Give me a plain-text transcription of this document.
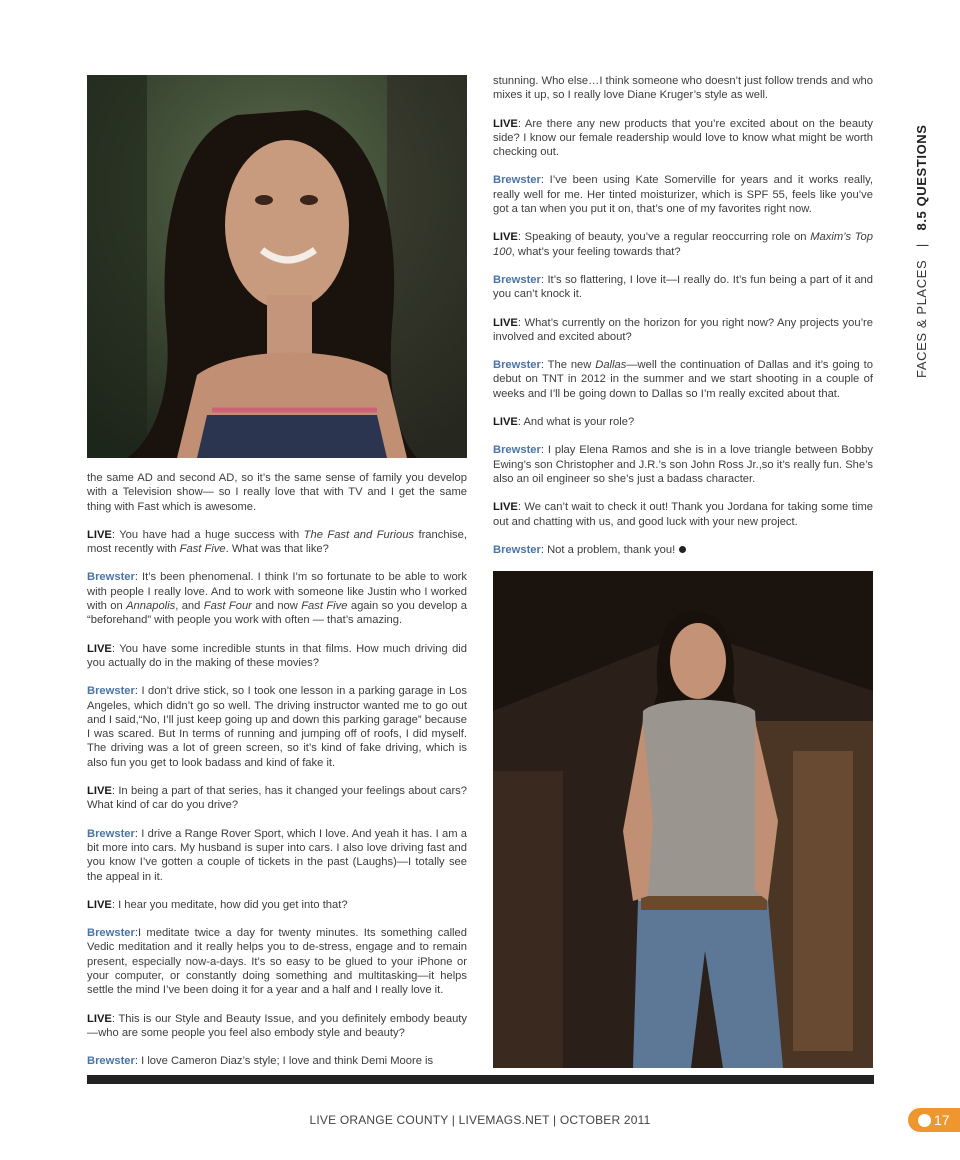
the same AD and second AD, so it’s the same sense of family you develop with a Television show— so I really love that with TV and I get the same thing with Fast which is awesome.

LIVE: You have had a huge success with The Fast and Furious franchise, most recently with Fast Five. What was that like?

Brewster: It’s been phenomenal. I think I’m so fortunate to be able to work with people I really love. And to work with someone like Justin who I worked with on Annapolis, and Fast Four and now Fast Five again so you develop a “beforehand” with people you work with often — that’s amazing.

LIVE: You have some incredible stunts in that films. How much driving did you actually do in the making of these movies?

Brewster: I don’t drive stick, so I took one lesson in a parking garage in Los Angeles, which didn’t go so well. The driving instructor wanted me to go out and I said,“No, I’ll just keep going up and down this parking garage” because I was scared. But In terms of running and jumping off of roofs, I did myself. The driving was a lot of green screen, so it’s kind of fake driving, which is also fun you get to look badass and kind of fake it.

LIVE: In being a part of that series, has it changed your feelings about cars? What kind of car do you drive?

Brewster: I drive a Range Rover Sport, which I love. And yeah it has. I am a bit more into cars. My husband is super into cars. I also love driving fast and you know I’ve gotten a couple of tickets in the past (Laughs)—I totally see the appeal in it.

LIVE: I hear you meditate, how did you get into that?

Brewster:I meditate twice a day for twenty minutes. Its something called Vedic meditation and it really helps you to de-stress, engage and to remain present, especially now-a-days. It’s so easy to be glued to your iPhone or your computer, or constantly doing something and multitasking—it helps settle the mind I’ve been doing it for a year and a half and I really love it.

LIVE: This is our Style and Beauty Issue, and you definitely embody beauty —who are some people you feel also embody style and beauty?

Brewster: I love Cameron Diaz’s style; I love and think Demi Moore is

stunning. Who else…I think someone who doesn’t just follow trends and who mixes it up, so I really love Diane Kruger’s style as well.

LIVE: Are there any new products that you’re excited about on the beauty side? I know our female readership would love to know what might be worth checking out.

Brewster: I’ve been using Kate Somerville for years and it works really, really well for me. Her tinted moisturizer, which is SPF 55, feels like you’ve got a tan when you put it on, that’s one of my favorites right now.

LIVE: Speaking of beauty, you’ve a regular reoccurring role on Maxim’s Top 100, what’s your feeling towards that?

Brewster: It’s so flattering, I love it—I really do. It’s fun being a part of it and you can’t knock it.

LIVE: What’s currently on the horizon for you right now? Any projects you’re involved and excited about?

Brewster: The new Dallas—well the continuation of Dallas and it’s going to debut on TNT in 2012 in the summer and we start shooting in a couple of weeks and I’ll be going down to Dallas so I’m really excited about that.

LIVE: And what is your role?

Brewster: I play Elena Ramos and she is in a love triangle between Bobby Ewing’s son Christopher and J.R.’s son John Ross Jr.,so it’s really fun. She’s also an oil engineer so she’s just a badass character.

LIVE: We can’t wait to check it out! Thank you Jordana for taking some time out and chatting with us, and good luck with your new project.

Brewster: Not a problem, thank you!

FACES & PLACES   |   8.5 QUESTIONS
LIVE ORANGE COUNTY | LIVEMAGS.NET | OCTOBER 2011	17
